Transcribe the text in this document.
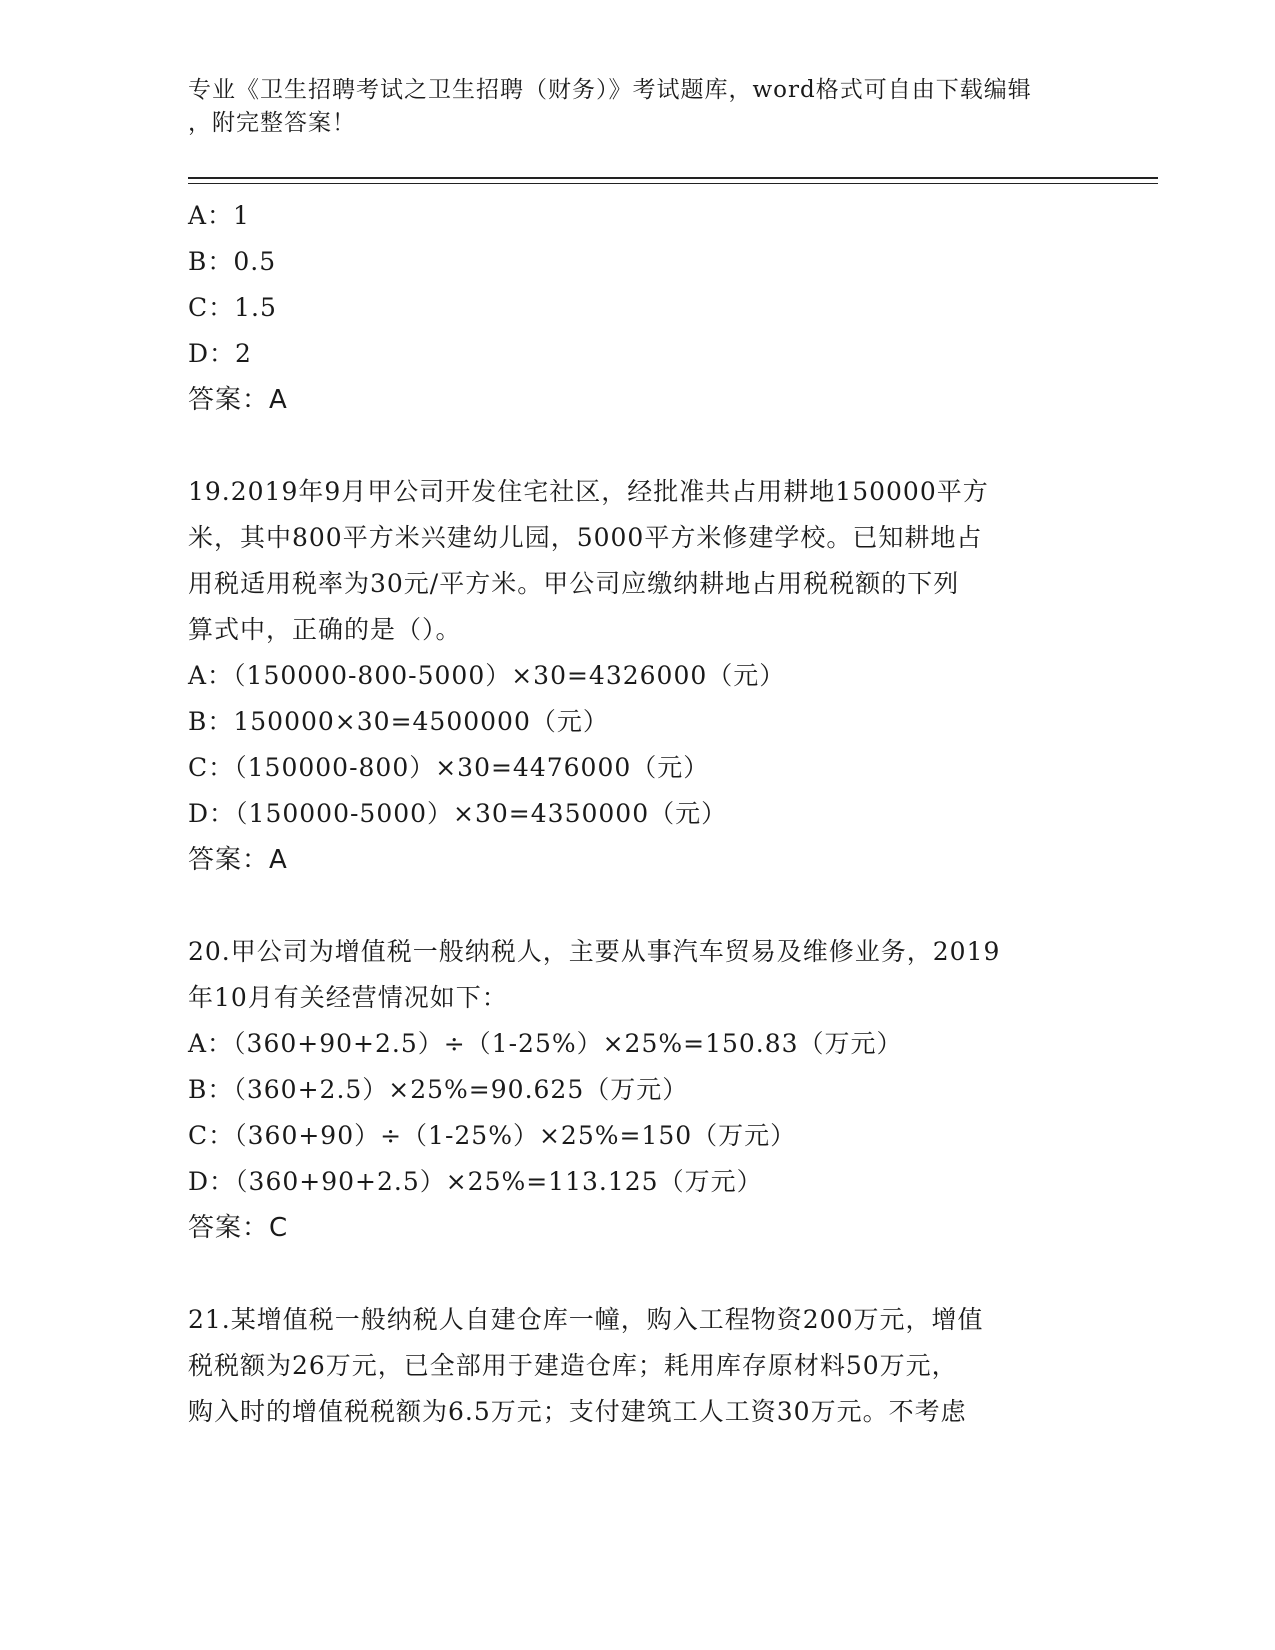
专业《卫生招聘考试之卫生招聘（财务）》考试题库，word格式可自由下载编辑
，附完整答案！
A：1
B：0.5
C：1.5
D：2
答案：A
19.2019年9月甲公司开发住宅社区，经批准共占用耕地150000平方
米，其中800平方米兴建幼儿园，5000平方米修建学校。已知耕地占
用税适用税率为30元/平方米。甲公司应缴纳耕地占用税税额的下列
算式中，正确的是（）。
A：（150000-800-5000）×30=4326000（元）
B：150000×30=4500000（元）
C：（150000-800）×30=4476000（元）
D：（150000-5000）×30=4350000（元）
答案：A
20.甲公司为增值税一般纳税人，主要从事汽车贸易及维修业务，2019
年10月有关经营情况如下：
A：（360+90+2.5）÷（1-25%）×25%=150.83（万元）
B：（360+2.5）×25%=90.625（万元）
C：（360+90）÷（1-25%）×25%=150（万元）
D：（360+90+2.5）×25%=113.125（万元）
答案：C
21.某增值税一般纳税人自建仓库一幢，购入工程物资200万元，增值
税税额为26万元，已全部用于建造仓库；耗用库存原材料50万元，
购入时的增值税税额为6.5万元；支付建筑工人工资30万元。不考虑
